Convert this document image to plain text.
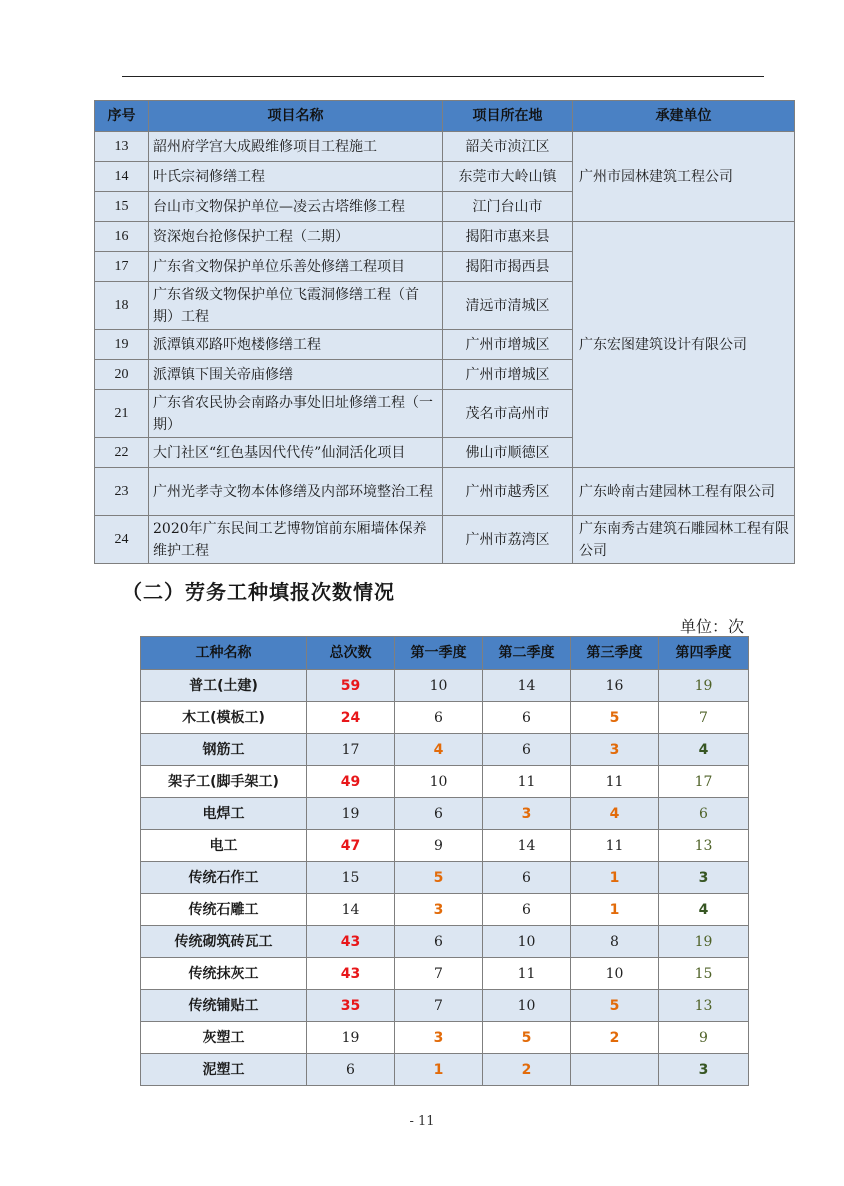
序号	项目名称	项目所在地	承建单位
13	韶州府学宫大成殿维修项目工程施工	韶关市浈江区	广州市园林建筑工程公司
14	叶氏宗祠修缮工程	东莞市大岭山镇	
15	台山市文物保护单位—凌云古塔维修工程	江门台山市	
16	资深炮台抢修保护工程（二期）	揭阳市惠来县	广东宏图建筑设计有限公司
17	广东省文物保护单位乐善处修缮工程项目	揭阳市揭西县	
18	广东省级文物保护单位飞霞洞修缮工程（首期）工程	清远市清城区	
19	派潭镇邓路吓炮楼修缮工程	广州市增城区	
20	派潭镇下围关帝庙修缮	广州市增城区	
21	广东省农民协会南路办事处旧址修缮工程（一期）	茂名市高州市	
22	大门社区“红色基因代代传”仙洞活化项目	佛山市顺德区	
23	广州光孝寺文物本体修缮及内部环境整治工程	广州市越秀区	广东岭南古建园林工程有限公司
24	2020年广东民间工艺博物馆前东厢墙体保养维护工程	广州市荔湾区	广东南秀古建筑石雕园林工程有限公司
（二）劳务工种填报次数情况
单位：次
工种名称	总次数	第一季度	第二季度	第三季度	第四季度
普工(土建)	59	10	14	16	19
木工(模板工)	24	6	6	5	7
钢筋工	17	4	6	3	4
架子工(脚手架工)	49	10	11	11	17
电焊工	19	6	3	4	6
电工	47	9	14	11	13
传统石作工	15	5	6	1	3
传统石雕工	14	3	6	1	4
传统砌筑砖瓦工	43	6	10	8	19
传统抹灰工	43	7	11	10	15
传统铺贴工	35	7	10	5	13
灰塑工	19	3	5	2	9
泥塑工	6	1	2		3
- 11
